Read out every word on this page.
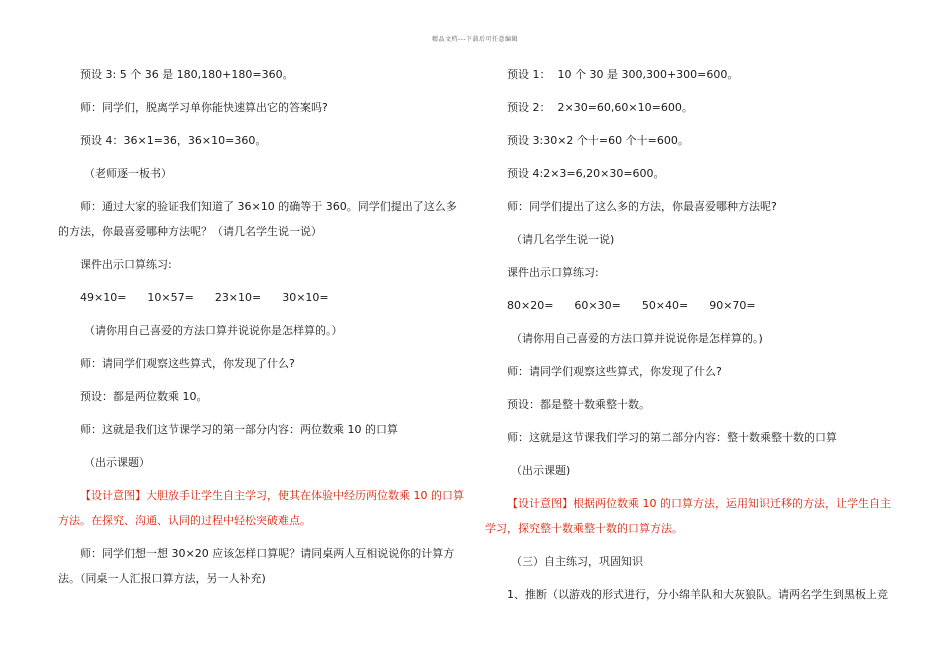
精品文档---下载后可任意编辑
预设 3: 5 个 36 是 180,180+180=360。
师：同学们，脱离学习单你能快速算出它的答案吗?
预设 4：36×1=36，36×10=360。
（老师逐一板书）
师：通过大家的验证我们知道了 36×10 的确等于 360。同学们提出了这么多
的方法，你最喜爱哪种方法呢？（请几名学生说一说）
课件出示口算练习:
49×10=      10×57=      23×10=      30×10=
（请你用自己喜爱的方法口算并说说你是怎样算的。）
师：请同学们观察这些算式，你发现了什么?
预设：都是两位数乘 10。
师：这就是我们这节课学习的第一部分内容：两位数乘 10 的口算
（出示课题）
【设计意图】大胆放手让学生自主学习，使其在体验中经历两位数乘 10 的口算
方法。在探究、沟通、认同的过程中轻松突破难点。
师：同学们想一想 30×20 应该怎样口算呢？请同桌两人互相说说你的计算方
法。（同桌一人汇报口算方法，另一人补充)
预设 1：  10 个 30 是 300,300+300=600。
预设 2：  2×30=60,60×10=600。
预设 3:30×2 个十=60 个十=600。
预设 4:2×3=6,20×30=600。
师：同学们提出了这么多的方法，你最喜爱哪种方法呢?
（请几名学生说一说)
课件出示口算练习:
80×20=      60×30=      50×40=      90×70=
（请你用自己喜爱的方法口算并说说你是怎样算的。)
师：请同学们观察这些算式，你发现了什么?
预设：都是整十数乘整十数。
师：这就是这节课我们学习的第二部分内容：整十数乘整十数的口算
（出示课题)
【设计意图】根据两位数乘 10 的口算方法，运用知识迁移的方法，让学生自主
学习，探究整十数乘整十数的口算方法。
（三）自主练习，巩固知识
1、推断（以游戏的形式进行，分小绵羊队和大灰狼队。请两名学生到黑板上竞
